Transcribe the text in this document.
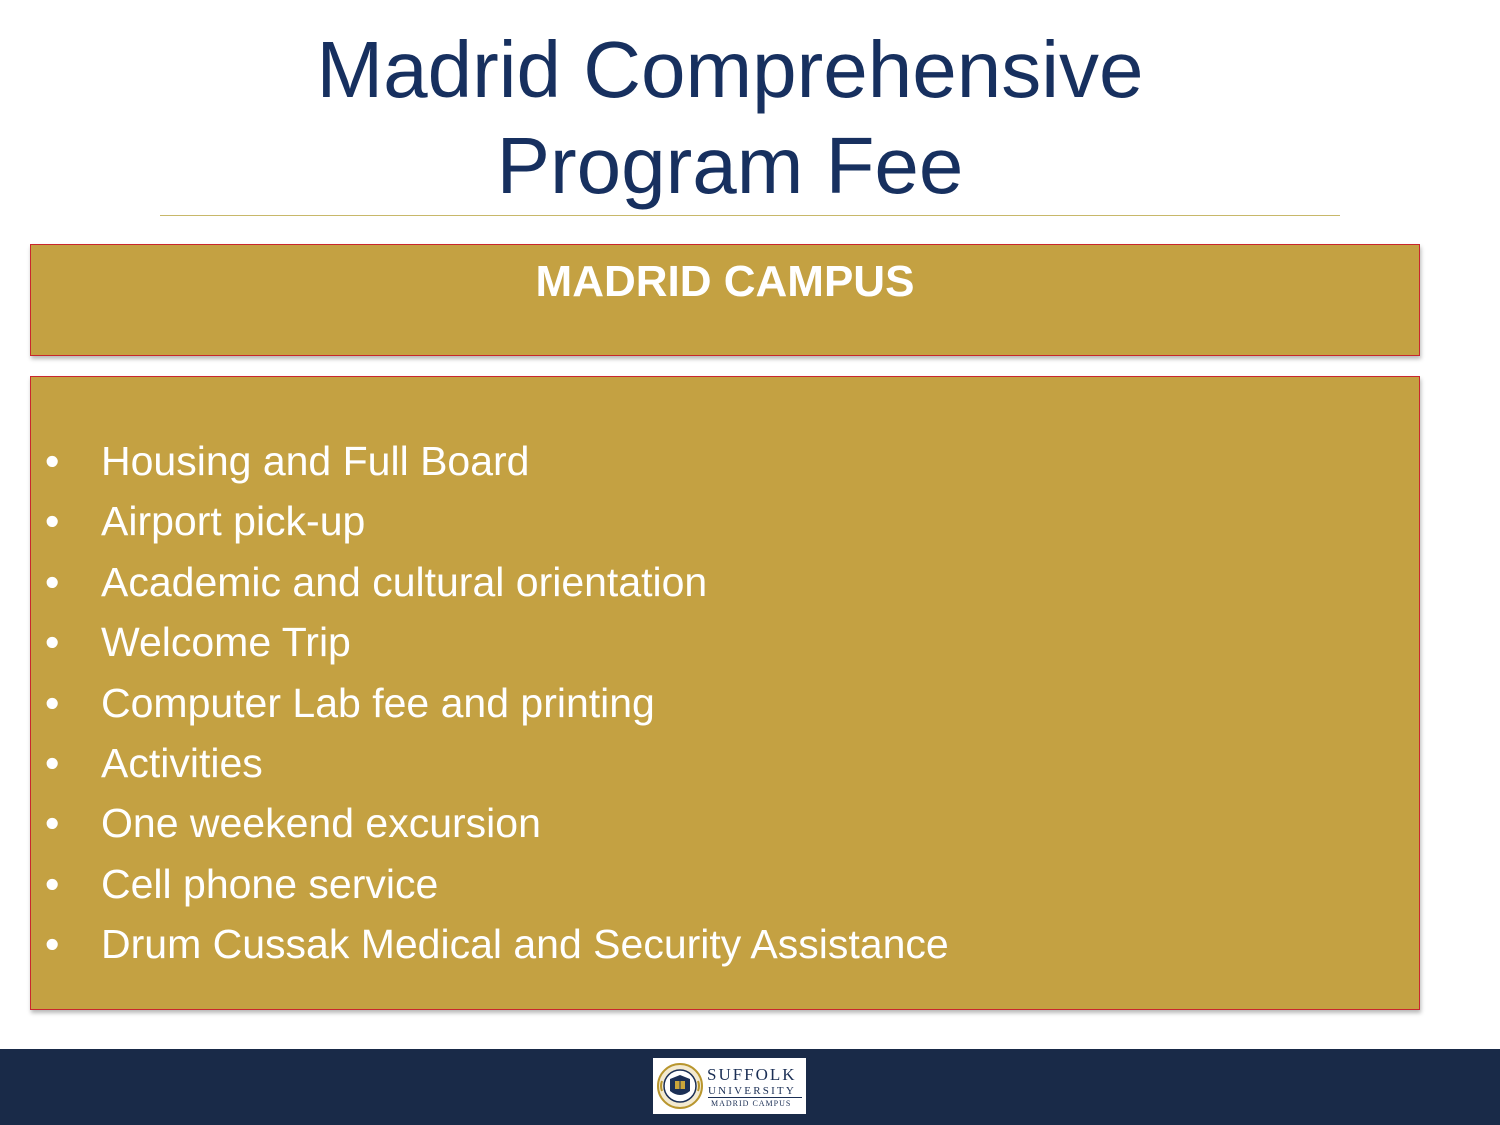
Madrid Comprehensive
Program Fee
MADRID CAMPUS
•	Housing and Full Board
•	Airport pick-up
•	Academic and cultural orientation
•	Welcome Trip
•	Computer Lab fee and printing
•	Activities
•	One weekend excursion
•	Cell phone service
•	Drum Cussak Medical and Security Assistance
SUFFOLK
UNIVERSITY
MADRID CAMPUS
